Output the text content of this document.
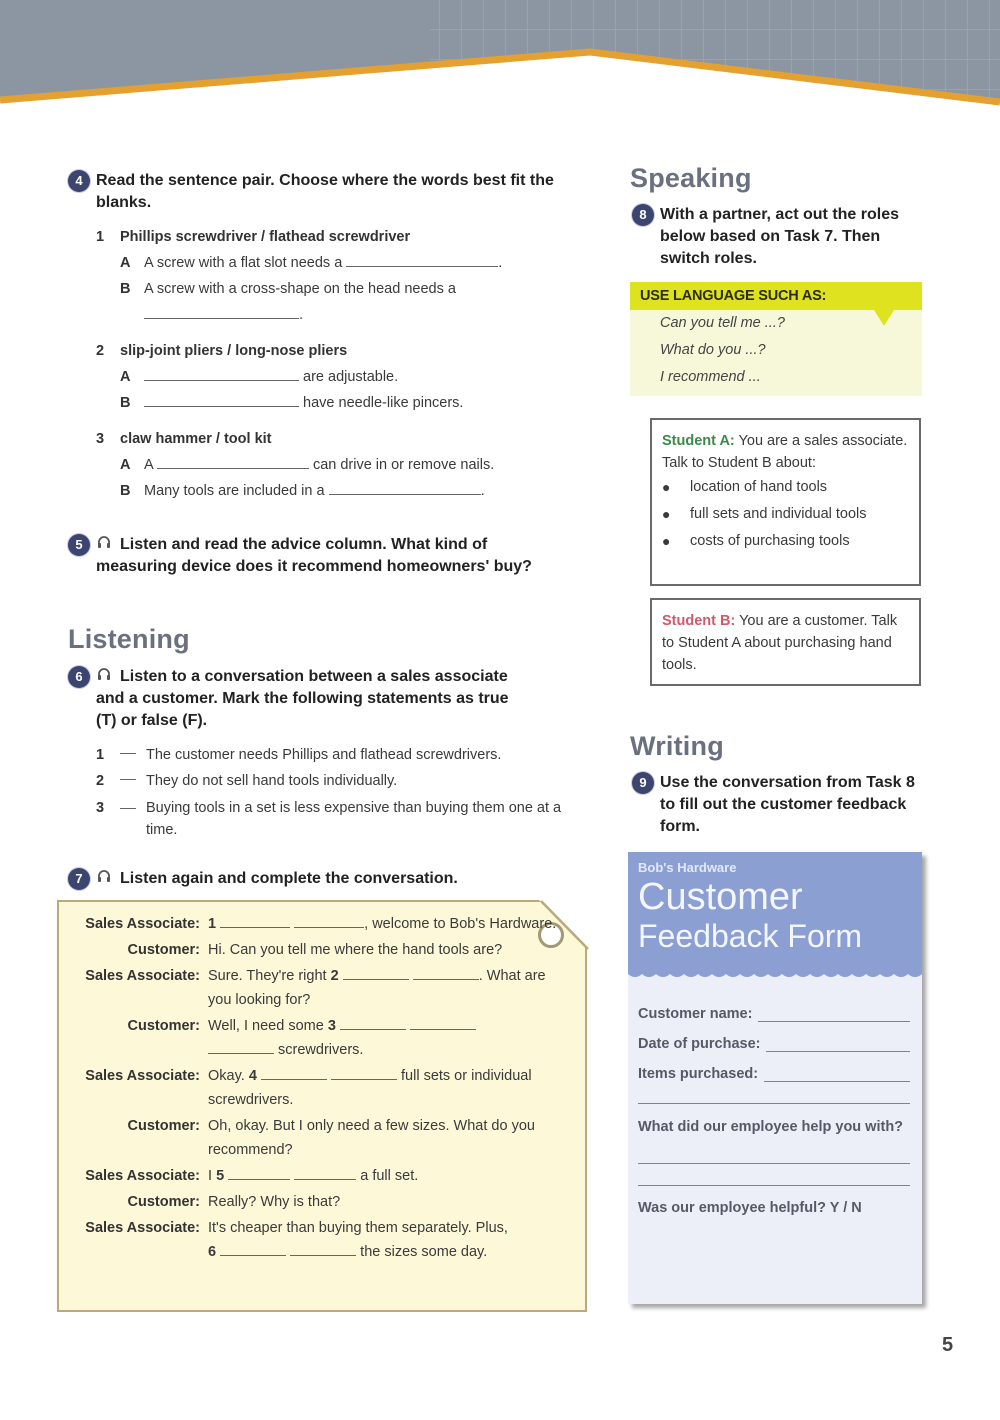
4 Read the sentence pair. Choose where the words best fit the blanks.
1 Phillips screwdriver / flathead screwdriver
A A screw with a flat slot needs a	.
B A screw with a cross-shape on the head needs a
.
2 slip-joint pliers / long-nose pliers
A	are adjustable.
B	have needle-like pincers.
3 claw hammer / tool kit
A A	can drive in or remove nails.
B Many tools are included in a	.
5	Listen and read the advice column. What kind of measuring device does it recommend homeowners' buy?
Listening
6	Listen to a conversation between a sales associate and a customer. Mark the following statements as true (T) or false (F).
1	The customer needs Phillips and flathead screwdrivers.
2	They do not sell hand tools individually.
3	Buying tools in a set is less expensive than buying them one at a time.
7	Listen again and complete the conversation.
Sales Associate: 1	, welcome to Bob's Hardware.
Customer: Hi. Can you tell me where the hand tools are?
Sales Associate: Sure. They're right 2	. What are you looking for?
Customer: Well, I need some 3
screwdrivers.
Sales Associate: Okay. 4	full sets or individual screwdrivers.
Customer: Oh, okay. But I only need a few sizes. What do you recommend?
Sales Associate: I 5	a full set.
Customer: Really? Why is that?
Sales Associate: It's cheaper than buying them separately. Plus,
6	the sizes some day.
Speaking
8 With a partner, act out the roles below based on Task 7. Then switch roles.
USE LANGUAGE SUCH AS:
Can you tell me ...?
What do you ...?
I recommend ...
Student A: You are a sales associate. Talk to Student B about:
●	location of hand tools
●	full sets and individual tools
●	costs of purchasing tools
Student B: You are a customer. Talk to Student A about purchasing hand tools.
Writing
9 Use the conversation from Task 8 to fill out the customer feedback form.
Bob's Hardware
Customer
Feedback Form
Customer name:
Date of purchase:
Items purchased:
What did our employee help you with?
Was our employee helpful? Y / N
5
